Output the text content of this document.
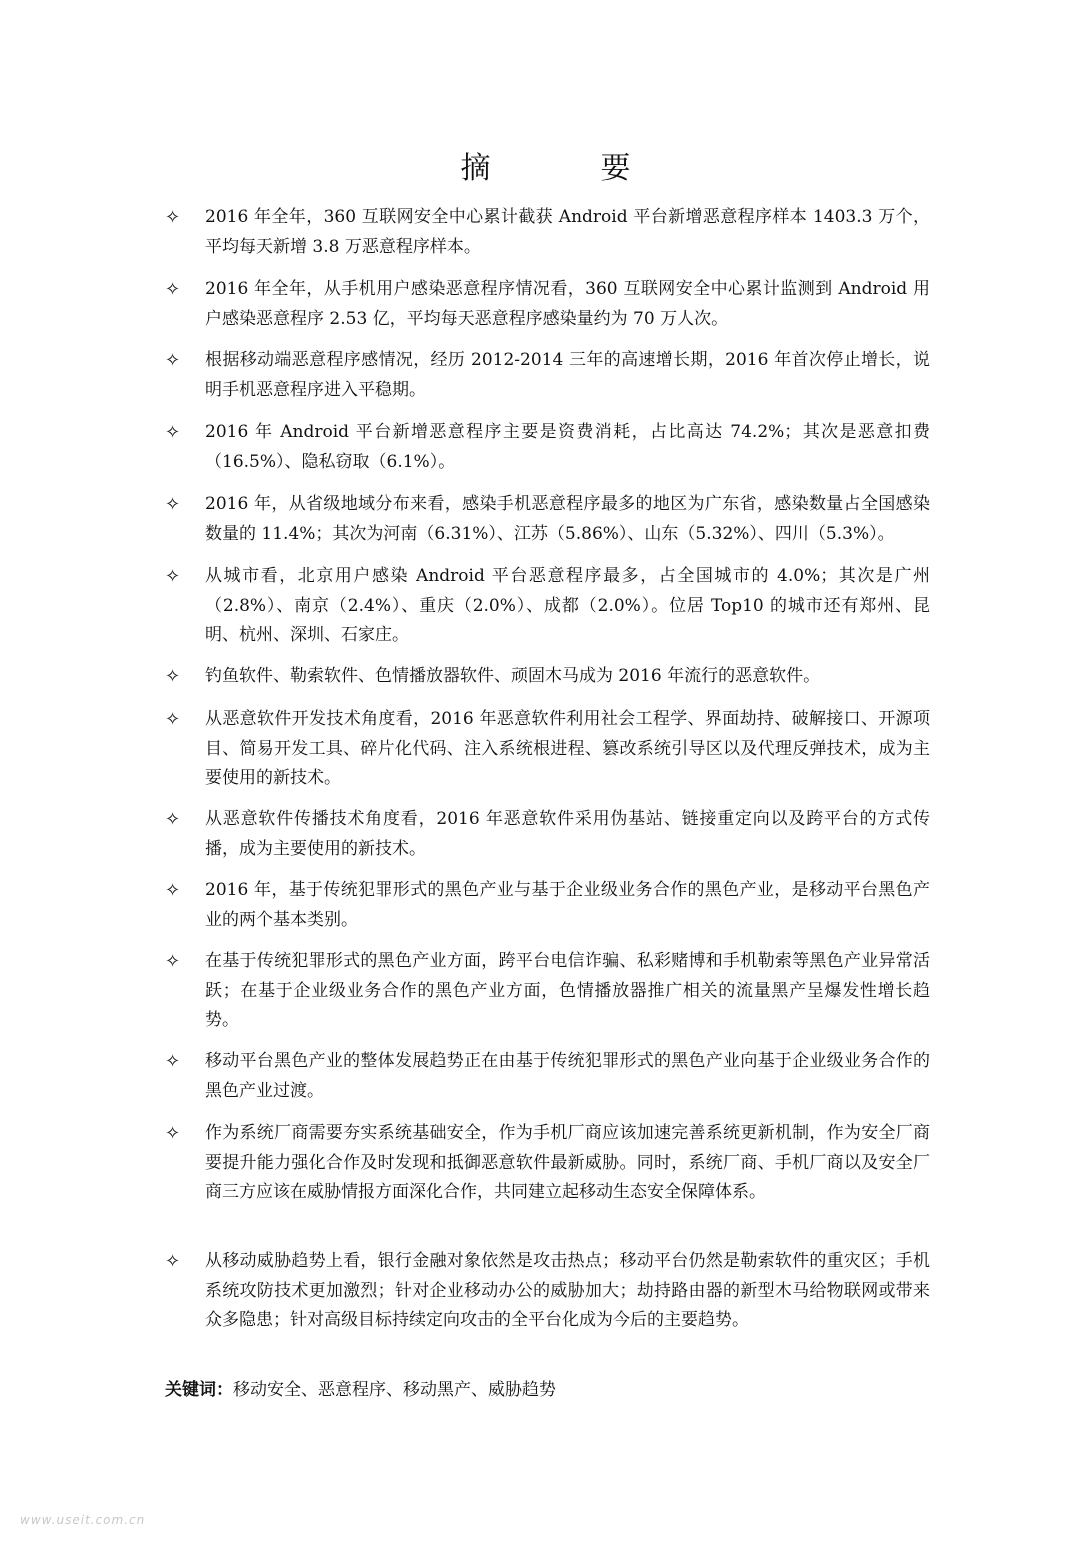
摘　要
✧ 2016 年全年，360 互联网安全中心累计截获 Android 平台新增恶意程序样本 1403.3 万个，平均每天新增 3.8 万恶意程序样本。
✧ 2016 年全年，从手机用户感染恶意程序情况看，360 互联网安全中心累计监测到 Android 用户感染恶意程序 2.53 亿，平均每天恶意程序感染量约为 70 万人次。
✧ 根据移动端恶意程序感情况，经历 2012-2014 三年的高速增长期，2016 年首次停止增长，说明手机恶意程序进入平稳期。
✧ 2016 年 Android 平台新增恶意程序主要是资费消耗，占比高达 74.2%；其次是恶意扣费（16.5%）、隐私窃取（6.1%）。
✧ 2016 年，从省级地域分布来看，感染手机恶意程序最多的地区为广东省，感染数量占全国感染数量的 11.4%；其次为河南（6.31%）、江苏（5.86%）、山东（5.32%）、四川（5.3%）。
✧ 从城市看，北京用户感染 Android 平台恶意程序最多，占全国城市的 4.0%；其次是广州（2.8%）、南京（2.4%）、重庆（2.0%）、成都（2.0%）。位居 Top10 的城市还有郑州、昆明、杭州、深圳、石家庄。
✧ 钓鱼软件、勒索软件、色情播放器软件、顽固木马成为 2016 年流行的恶意软件。
✧ 从恶意软件开发技术角度看，2016 年恶意软件利用社会工程学、界面劫持、破解接口、开源项目、简易开发工具、碎片化代码、注入系统根进程、篡改系统引导区以及代理反弹技术，成为主要使用的新技术。
✧ 从恶意软件传播技术角度看，2016 年恶意软件采用伪基站、链接重定向以及跨平台的方式传播，成为主要使用的新技术。
✧ 2016 年，基于传统犯罪形式的黑色产业与基于企业级业务合作的黑色产业，是移动平台黑色产业的两个基本类别。
✧ 在基于传统犯罪形式的黑色产业方面，跨平台电信诈骗、私彩赌博和手机勒索等黑色产业异常活跃；在基于企业级业务合作的黑色产业方面，色情播放器推广相关的流量黑产呈爆发性增长趋势。
✧ 移动平台黑色产业的整体发展趋势正在由基于传统犯罪形式的黑色产业向基于企业级业务合作的黑色产业过渡。
✧ 作为系统厂商需要夯实系统基础安全，作为手机厂商应该加速完善系统更新机制，作为安全厂商要提升能力强化合作及时发现和抵御恶意软件最新威胁。同时，系统厂商、手机厂商以及安全厂商三方应该在威胁情报方面深化合作，共同建立起移动生态安全保障体系。
✧ 从移动威胁趋势上看，银行金融对象依然是攻击热点；移动平台仍然是勒索软件的重灾区；手机系统攻防技术更加激烈；针对企业移动办公的威胁加大；劫持路由器的新型木马给物联网或带来众多隐患；针对高级目标持续定向攻击的全平台化成为今后的主要趋势。
关键词：移动安全、恶意程序、移动黑产、威胁趋势
www.useit.com.cn
